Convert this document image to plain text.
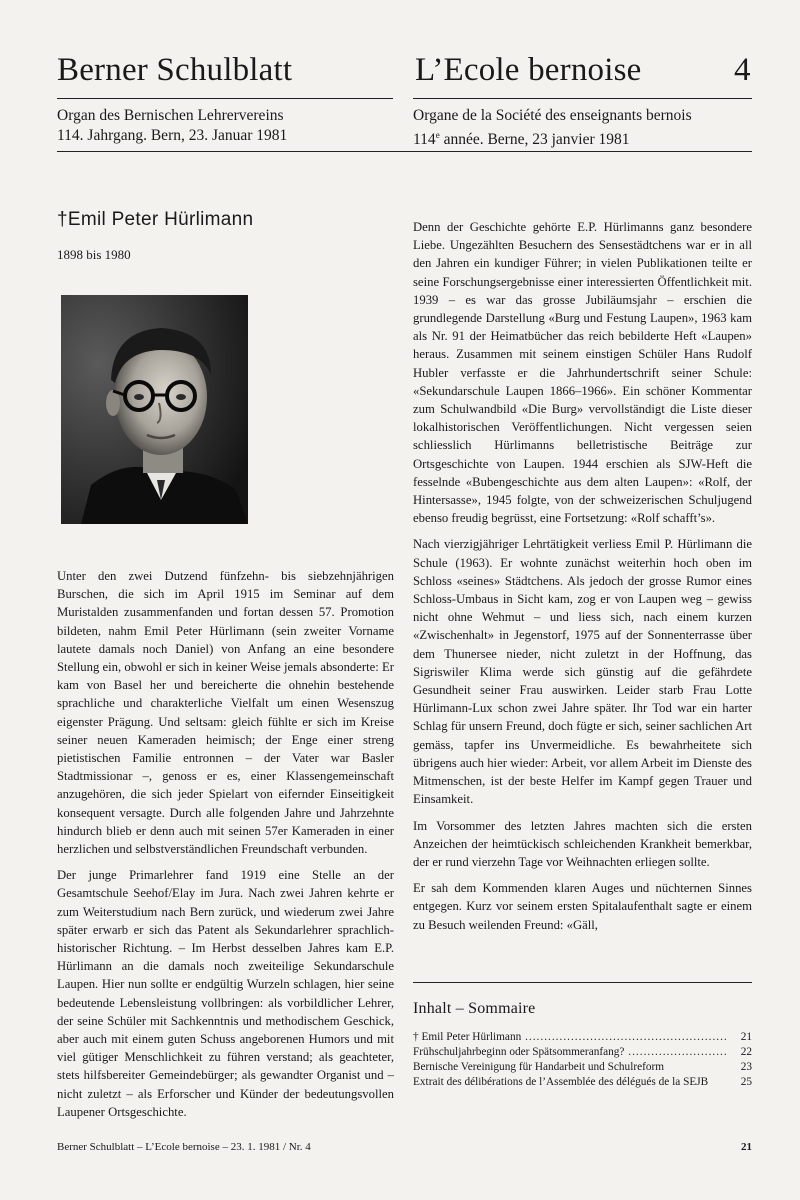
Berner Schulblatt	L’Ecole bernoise	4
Organ des Bernischen Lehrervereins
114. Jahrgang. Bern, 23. Januar 1981
Organe de la Société des enseignants bernois
114e année. Berne, 23 janvier 1981
†Emil Peter Hürlimann
1898 bis 1980

Unter den zwei Dutzend fünfzehn- bis siebzehnjährigen Burschen, die sich im April 1915 im Seminar auf dem Muristalden zusammenfanden und fortan dessen 57. Promotion bildeten, nahm Emil Peter Hürlimann (sein zweiter Vorname lautete damals noch Daniel) von Anfang an eine besondere Stellung ein, obwohl er sich in keiner Weise jemals absonderte: Er kam von Basel her und bereicherte die ohnehin bestehende sprachliche und charakterliche Vielfalt um einen Wesenszug eigenster Prägung. Und seltsam: gleich fühlte er sich im Kreise seiner neuen Kameraden heimisch; der Enge einer streng pietistischen Familie entronnen – der Vater war Basler Stadtmissionar –, genoss er es, einer Klassengemeinschaft anzugehören, die sich jeder Spielart von eifernder Einseitigkeit konsequent versagte. Durch alle folgenden Jahre und Jahrzehnte hindurch blieb er denn auch mit seinen 57er Kameraden in einer herzlichen und selbstverständlichen Freundschaft verbunden.

Der junge Primarlehrer fand 1919 eine Stelle an der Gesamtschule Seehof/Elay im Jura. Nach zwei Jahren kehrte er zum Weiterstudium nach Bern zurück, und wiederum zwei Jahre später erwarb er sich das Patent als Sekundarlehrer sprachlich-historischer Richtung. – Im Herbst desselben Jahres kam E.P. Hürlimann an die damals noch zweiteilige Sekundarschule Laupen. Hier nun sollte er endgültig Wurzeln schlagen, hier seine bedeutende Lebensleistung vollbringen: als vorbildlicher Lehrer, der seine Schüler mit Sachkenntnis und methodischem Geschick, aber auch mit einem guten Schuss angeborenen Humors und mit viel gütiger Menschlichkeit zu führen verstand; als geachteter, stets hilfsbereiter Gemeindebürger; als gewandter Organist und – nicht zuletzt – als Erforscher und Künder der bedeutungsvollen Laupener Ortsgeschichte.

Denn der Geschichte gehörte E.P. Hürlimanns ganz besondere Liebe. Ungezählten Besuchern des Sensestädtchens war er in all den Jahren ein kundiger Führer; in vielen Publikationen teilte er seine Forschungsergebnisse einer interessierten Öffentlichkeit mit. 1939 – es war das grosse Jubiläumsjahr – erschien die grundlegende Darstellung «Burg und Festung Laupen», 1963 kam als Nr. 91 der Heimatbücher das reich bebilderte Heft «Laupen» heraus. Zusammen mit seinem einstigen Schüler Hans Rudolf Hubler verfasste er die Jahrhundertschrift seiner Schule: «Sekundarschule Laupen 1866–1966». Ein schöner Kommentar zum Schulwandbild «Die Burg» vervollständigt die Liste dieser lokalhistorischen Veröffentlichungen. Nicht vergessen seien schliesslich Hürlimanns belletristische Beiträge zur Ortsgeschichte von Laupen. 1944 erschien als SJW-Heft die fesselnde «Bubengeschichte aus dem alten Laupen»: «Rolf, der Hintersasse», 1945 folgte, von der schweizerischen Schuljugend ebenso freudig begrüsst, eine Fortsetzung: «Rolf schafft’s».

Nach vierzigjähriger Lehrtätigkeit verliess Emil P. Hürlimann die Schule (1963). Er wohnte zunächst weiterhin hoch oben im Schloss «seines» Städtchens. Als jedoch der grosse Rumor eines Schloss-Umbaus in Sicht kam, zog er von Laupen weg – gewiss nicht ohne Wehmut – und liess sich, nach einem kurzen «Zwischenhalt» in Jegenstorf, 1975 auf der Sonnenterrasse über dem Thunersee nieder, nicht zuletzt in der Hoffnung, das Sigriswiler Klima werde sich günstig auf die gefährdete Gesundheit seiner Frau auswirken. Leider starb Frau Lotte Hürlimann-Lux schon zwei Jahre später. Ihr Tod war ein harter Schlag für unsern Freund, doch fügte er sich, seiner sachlichen Art gemäss, tapfer ins Unvermeidliche. Es bewahrheitete sich übrigens auch hier wieder: Arbeit, vor allem Arbeit im Dienste des Mitmenschen, ist der beste Helfer im Kampf gegen Trauer und Einsamkeit.

Im Vorsommer des letzten Jahres machten sich die ersten Anzeichen der heimtückisch schleichenden Krankheit bemerkbar, der er rund vierzehn Tage vor Weihnachten erliegen sollte.

Er sah dem Kommenden klaren Auges und nüchternen Sinnes entgegen. Kurz vor seinem ersten Spitalaufenthalt sagte er einem zu Besuch weilenden Freund: «Gäll,

Inhalt – Sommaire
† Emil Peter Hürlimann .....	21
Frühschuljahrbeginn oder Spätsommeranfang? .....	22
Bernische Vereinigung für Handarbeit und Schulreform	23
Extrait des délibérations de l’Assemblée des délégués de la SEJB	25
Berner Schulblatt – L’Ecole bernoise – 23. 1. 1981 / Nr. 4	21
